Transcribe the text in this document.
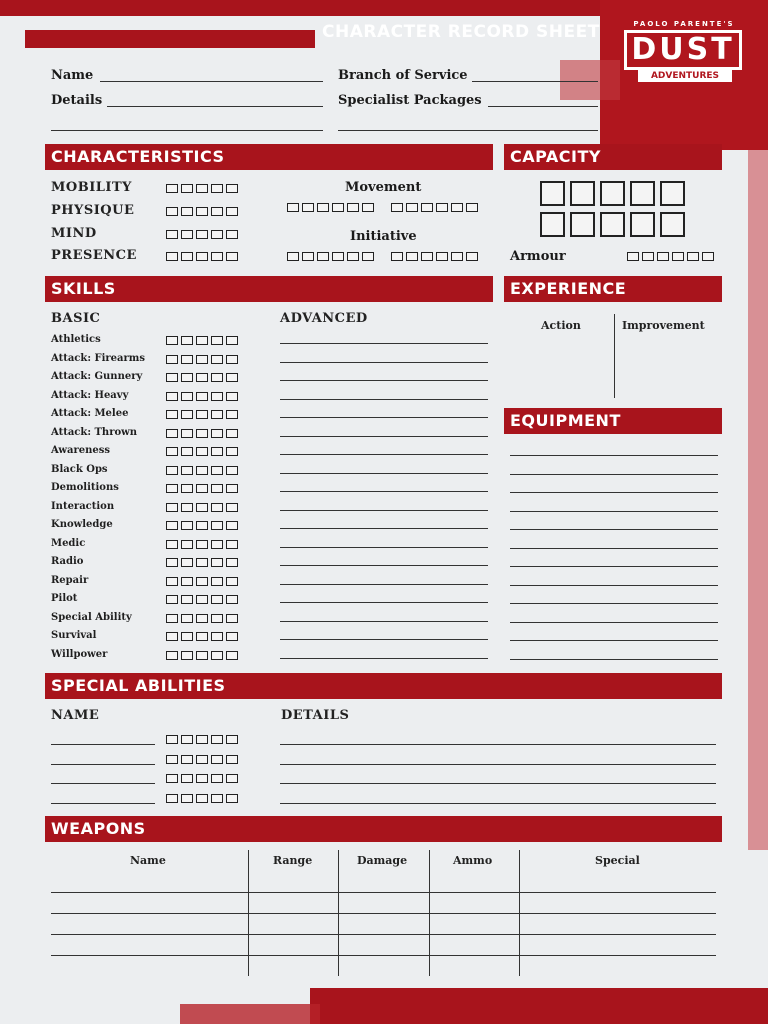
CHARACTER RECORD SHEET	PAOLO PARENTE'S
DUST
ADVENTURES
Name
Details
Branch of Service
Specialist Packages
CHARACTERISTICS
MOBILITY
PHYSIQUE
MIND
PRESENCE
Movement
Initiative
CAPACITY
Armour
SKILLS
BASIC	ADVANCED
EXPERIENCE
Action	Improvement
EQUIPMENT
SPECIAL ABILITIES
NAME	DETAILS
WEAPONS
Name	Range	Damage	Ammo	Special
Athletics
Attack: Firearms
Attack: Gunnery
Attack: Heavy
Attack: Melee
Attack: Thrown
Awareness
Black Ops
Demolitions
Interaction
Knowledge
Medic
Radio
Repair
Pilot
Special Ability
Survival
Willpower
